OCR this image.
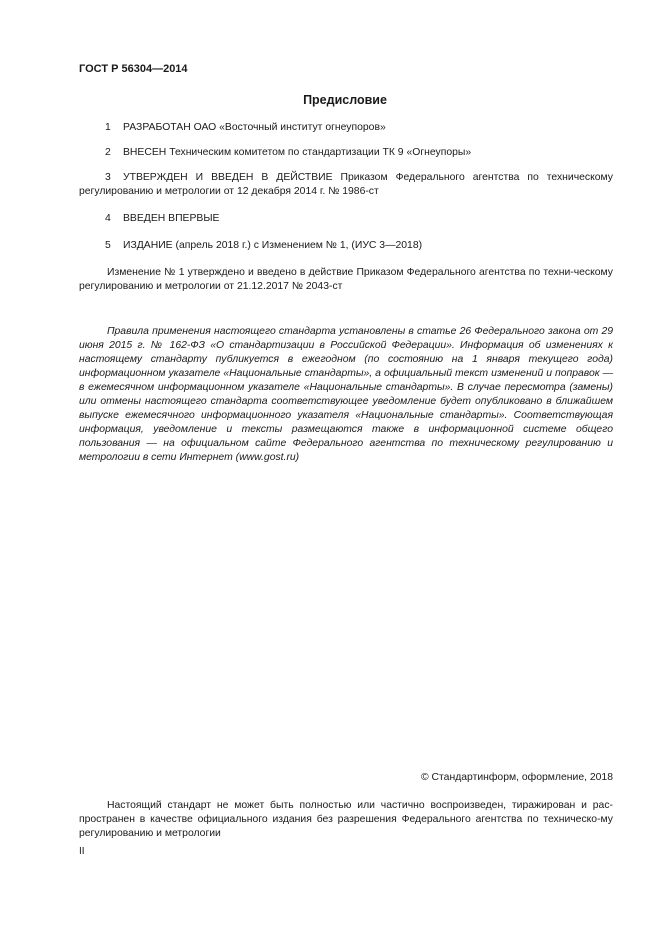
ГОСТ Р 56304—2014
Предисловие
1 РАЗРАБОТАН ОАО «Восточный институт огнеупоров»
2 ВНЕСЕН Техническим комитетом по стандартизации ТК 9 «Огнеупоры»
3 УТВЕРЖДЕН И ВВЕДЕН В ДЕЙСТВИЕ Приказом Федерального агентства по техническому регулированию и метрологии от 12 декабря 2014 г. № 1986-ст
4 ВВЕДЕН ВПЕРВЫЕ
5 ИЗДАНИЕ (апрель 2018 г.) с Изменением № 1, (ИУС 3—2018)
Изменение № 1 утверждено и введено в действие Приказом Федерального агентства по техни-ческому регулированию и метрологии от 21.12.2017 № 2043-ст
Правила применения настоящего стандарта установлены в статье 26 Федерального закона от 29 июня 2015 г. № 162-ФЗ «О стандартизации в Российской Федерации». Информация об изменениях к настоящему стандарту публикуется в ежегодном (по состоянию на 1 января текущего года) информационном указателе «Национальные стандарты», а официальный текст изменений и поправок — в ежемесячном информационном указателе «Национальные стандарты». В случае пересмотра (замены) или отмены настоящего стандарта соответствующее уведомление будет опубликовано в ближайшем выпуске ежемесячного информационного указателя «Национальные стандарты». Соответствующая информация, уведомление и тексты размещаются также в информационной системе общего пользования — на официальном сайте Федерального агентства по техническому регулированию и метрологии в сети Интернет (www.gost.ru)
© Стандартинформ, оформление, 2018
Настоящий стандарт не может быть полностью или частично воспроизведен, тиражирован и рас-пространен в качестве официального издания без разрешения Федерального агентства по техническо-му регулированию и метрологии
II
